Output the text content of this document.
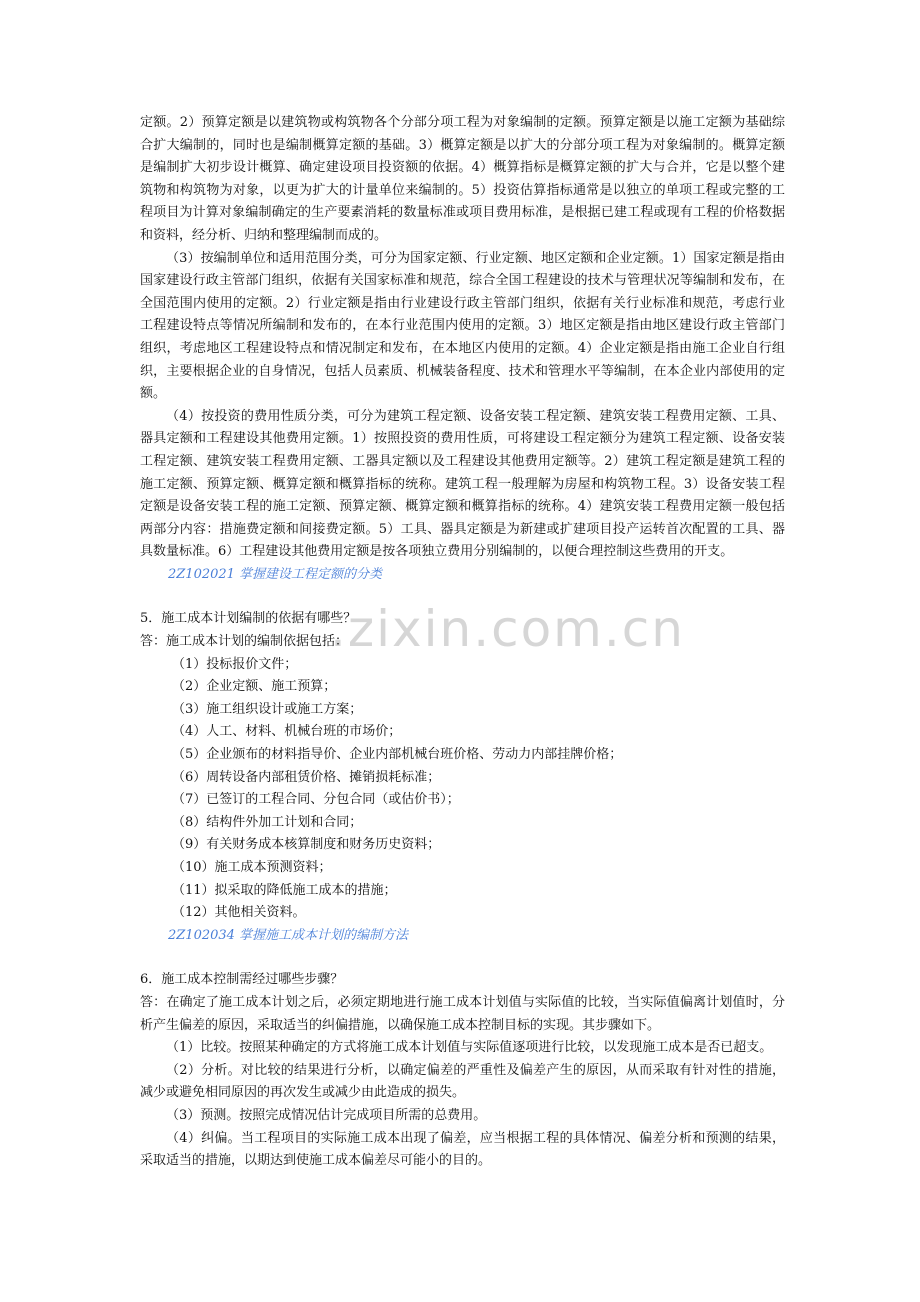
.zixin.com.cn

定额。2）预算定额是以建筑物或构筑物各个分部分项工程为对象编制的定额。预算定额是以施工定额为基础综合扩大编制的，同时也是编制概算定额的基础。3）概算定额是以扩大的分部分项工程为对象编制的。概算定额是编制扩大初步设计概算、确定建设项目投资额的依据。4）概算指标是概算定额的扩大与合并，它是以整个建筑物和构筑物为对象，以更为扩大的计量单位来编制的。5）投资估算指标通常是以独立的单项工程或完整的工程项目为计算对象编制确定的生产要素消耗的数量标准或项目费用标准，是根据已建工程或现有工程的价格数据和资料，经分析、归纳和整理编制而成的。

（3）按编制单位和适用范围分类，可分为国家定额、行业定额、地区定额和企业定额。1）国家定额是指由国家建设行政主管部门组织，依据有关国家标准和规范，综合全国工程建设的技术与管理状况等编制和发布，在全国范围内使用的定额。2）行业定额是指由行业建设行政主管部门组织，依据有关行业标准和规范，考虑行业工程建设特点等情况所编制和发布的，在本行业范围内使用的定额。3）地区定额是指由地区建设行政主管部门组织，考虑地区工程建设特点和情况制定和发布，在本地区内使用的定额。4）企业定额是指由施工企业自行组织，主要根据企业的自身情况，包括人员素质、机械装备程度、技术和管理水平等编制，在本企业内部使用的定额。

（4）按投资的费用性质分类，可分为建筑工程定额、设备安装工程定额、建筑安装工程费用定额、工具、器具定额和工程建设其他费用定额。1）按照投资的费用性质，可将建设工程定额分为建筑工程定额、设备安装工程定额、建筑安装工程费用定额、工器具定额以及工程建设其他费用定额等。2）建筑工程定额是建筑工程的施工定额、预算定额、概算定额和概算指标的统称。建筑工程一般理解为房屋和构筑物工程。3）设备安装工程定额是设备安装工程的施工定额、预算定额、概算定额和概算指标的统称。4）建筑安装工程费用定额一般包括两部分内容：措施费定额和间接费定额。5）工具、器具定额是为新建或扩建项目投产运转首次配置的工具、器具数量标准。6）工程建设其他费用定额是按各项独立费用分别编制的，以便合理控制这些费用的开支。

2Z102021 掌握建设工程定额的分类

5．施工成本计划编制的依据有哪些？

答：施工成本计划的编制依据包括：

（1）投标报价文件；

（2）企业定额、施工预算；

（3）施工组织设计或施工方案；

（4）人工、材料、机械台班的市场价；

（5）企业颁布的材料指导价、企业内部机械台班价格、劳动力内部挂牌价格；

（6）周转设备内部租赁价格、摊销损耗标准；

（7）已签订的工程合同、分包合同（或估价书）；

（8）结构件外加工计划和合同；

（9）有关财务成本核算制度和财务历史资料；

（10）施工成本预测资料；

（11）拟采取的降低施工成本的措施；

（12）其他相关资料。

2Z102034 掌握施工成本计划的编制方法

6．施工成本控制需经过哪些步骤？

答：在确定了施工成本计划之后，必须定期地进行施工成本计划值与实际值的比较，当实际值偏离计划值时，分析产生偏差的原因，采取适当的纠偏措施，以确保施工成本控制目标的实现。其步骤如下。

（1）比较。按照某种确定的方式将施工成本计划值与实际值逐项进行比较，以发现施工成本是否已超支。

（2）分析。对比较的结果进行分析，以确定偏差的严重性及偏差产生的原因，从而采取有针对性的措施，减少或避免相同原因的再次发生或减少由此造成的损失。

（3）预测。按照完成情况估计完成项目所需的总费用。

（4）纠偏。当工程项目的实际施工成本出现了偏差，应当根据工程的具体情况、偏差分析和预测的结果，采取适当的措施，以期达到使施工成本偏差尽可能小的目的。
